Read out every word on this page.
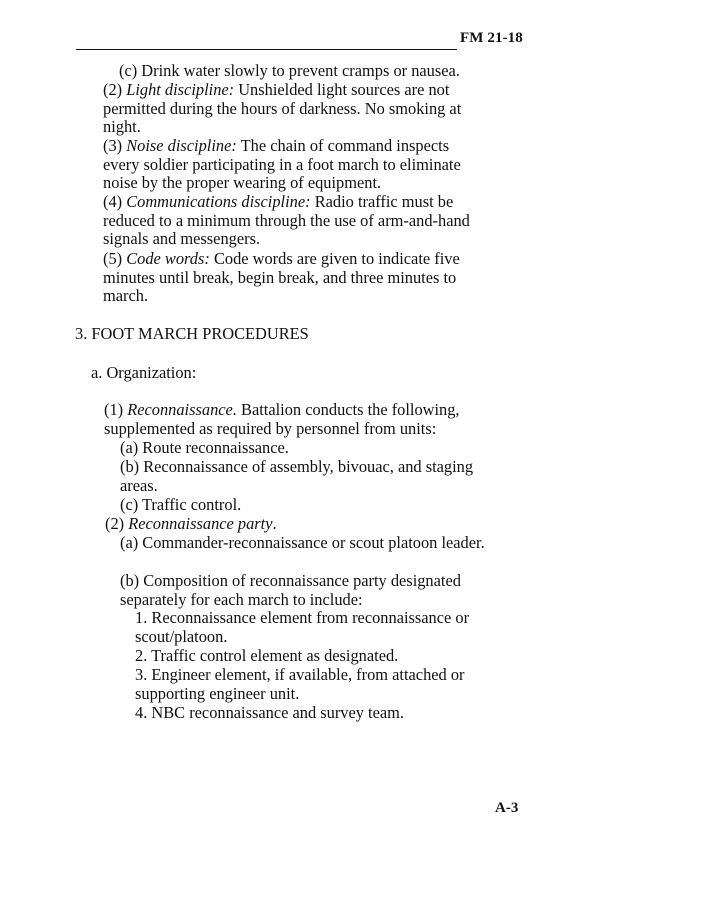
FM 21-18

(c) Drink water slowly to prevent cramps or nausea.

(2) Light discipline: Unshielded light sources are not permitted during the hours of darkness. No smoking at night.

(3) Noise discipline: The chain of command inspects every soldier participating in a foot march to eliminate noise by the proper wearing of equipment.

(4) Communications discipline: Radio traffic must be reduced to a minimum through the use of arm-and-hand signals and messengers.

(5) Code words: Code words are given to indicate five minutes until break, begin break, and three minutes to march.

3. FOOT MARCH PROCEDURES

a. Organization:

(1) Reconnaissance. Battalion conducts the following, supplemented as required by personnel from units:

(a) Route reconnaissance.

(b) Reconnaissance of assembly, bivouac, and staging areas.

(c) Traffic control.

(2) Reconnaissance party.

(a) Commander-reconnaissance or scout platoon leader.

(b) Composition of reconnaissance party designated separately for each march to include:

1. Reconnaissance element from reconnaissance or scout/platoon.

2. Traffic control element as designated.

3. Engineer element, if available, from attached or supporting engineer unit.

4. NBC reconnaissance and survey team.

A-3
